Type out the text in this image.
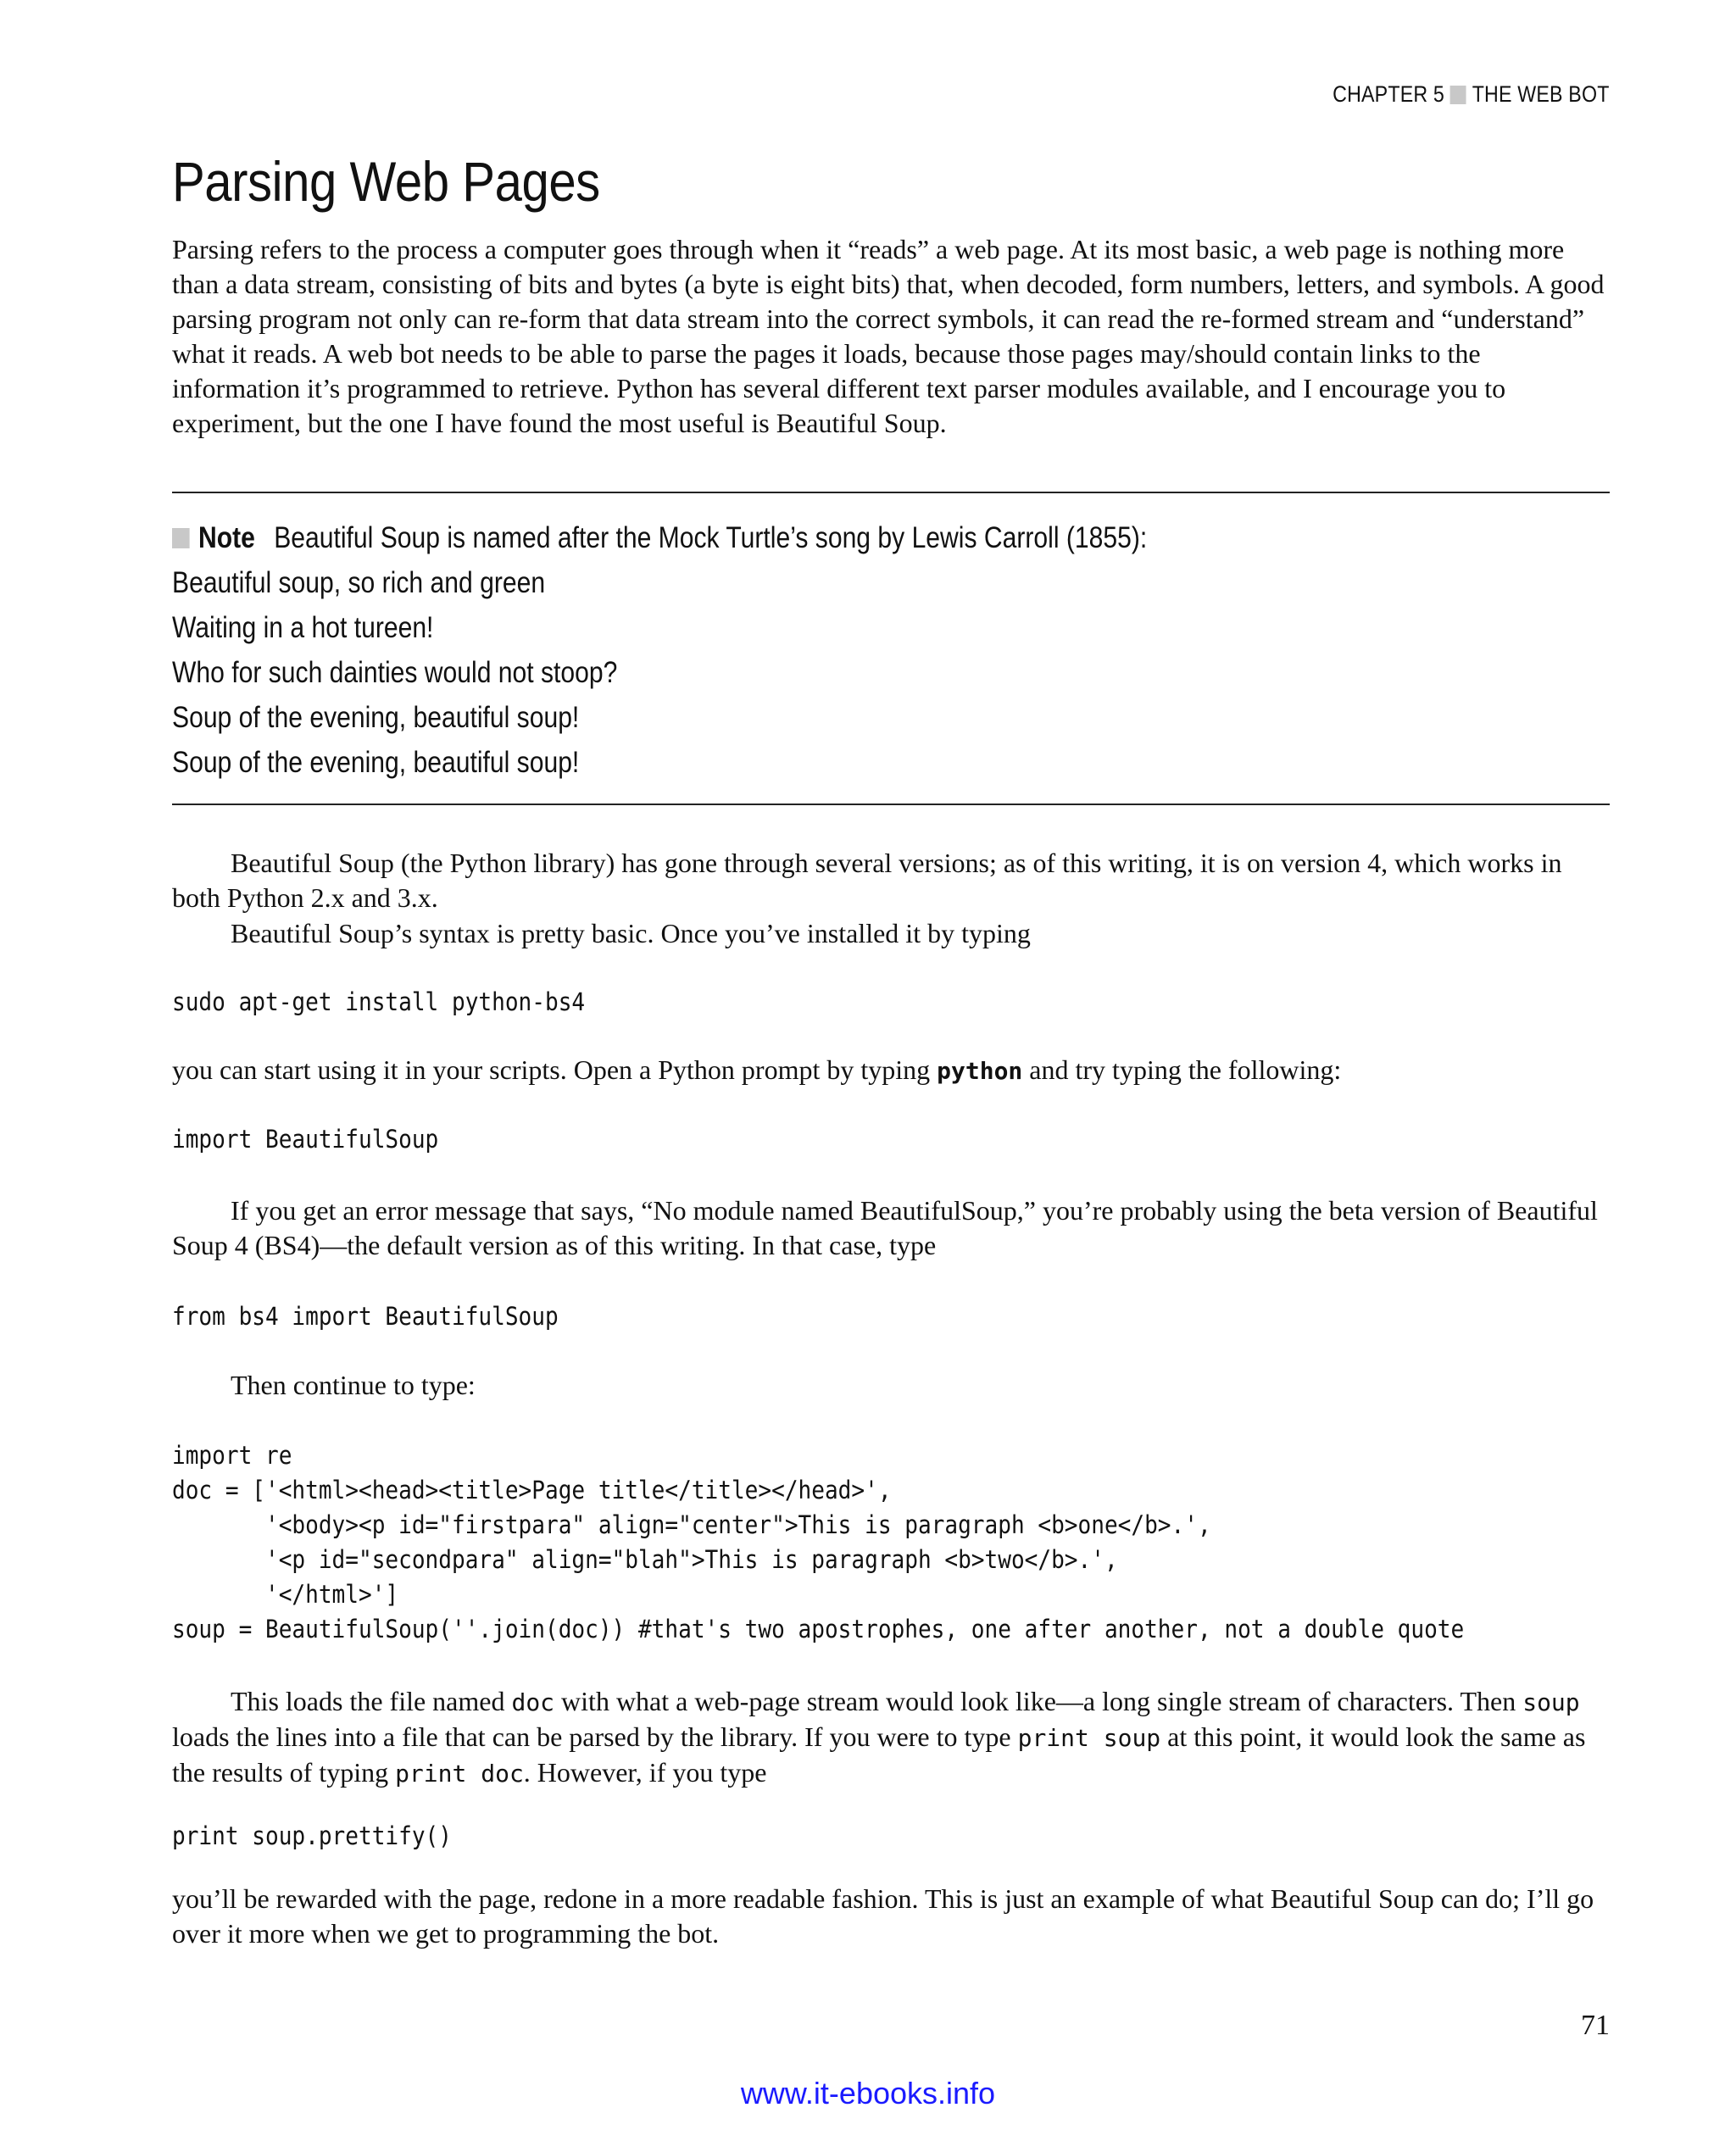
CHAPTER 5 THE WEB BOT
Parsing Web Pages

Parsing refers to the process a computer goes through when it “reads” a web page. At its most basic, a web page is nothing more than a data stream, consisting of bits and bytes (a byte is eight bits) that, when decoded, form numbers, letters, and symbols. A good parsing program not only can re-form that data stream into the correct symbols, it can read the re-formed stream and “understand” what it reads. A web bot needs to be able to parse the pages it loads, because those pages may/should contain links to the information it’s programmed to retrieve. Python has several different text parser modules available, and I encourage you to experiment, but the one I have found the most useful is Beautiful Soup.

Note Beautiful Soup is named after the Mock Turtle’s song by Lewis Carroll (1855):
Beautiful soup, so rich and green
Waiting in a hot tureen!
Who for such dainties would not stoop?
Soup of the evening, beautiful soup!
Soup of the evening, beautiful soup!

Beautiful Soup (the Python library) has gone through several versions; as of this writing, it is on version 4, which works in both Python 2.x and 3.x.

Beautiful Soup’s syntax is pretty basic. Once you’ve installed it by typing

sudo apt-get install python-bs4

you can start using it in your scripts. Open a Python prompt by typing python and try typing the following:

import BeautifulSoup

If you get an error message that says, “No module named BeautifulSoup,” you’re probably using the beta version of Beautiful Soup 4 (BS4)—the default version as of this writing. In that case, type

from bs4 import BeautifulSoup

Then continue to type:

import re
doc = ['<html><head><title>Page title</title></head>',
'<body><p id="firstpara" align="center">This is paragraph <b>one</b>.',
'<p id="secondpara" align="blah">This is paragraph <b>two</b>.',
'</html>']
soup = BeautifulSoup(''.join(doc)) #that's two apostrophes, one after another, not a double quote

This loads the file named doc with what a web-page stream would look like—a long single stream of characters. Then soup loads the lines into a file that can be parsed by the library. If you were to type print soup at this point, it would look the same as the results of typing print doc. However, if you type

print soup.prettify()

you’ll be rewarded with the page, redone in a more readable fashion. This is just an example of what Beautiful Soup can do; I’ll go over it more when we get to programming the bot.

71
www.it-ebooks.info
